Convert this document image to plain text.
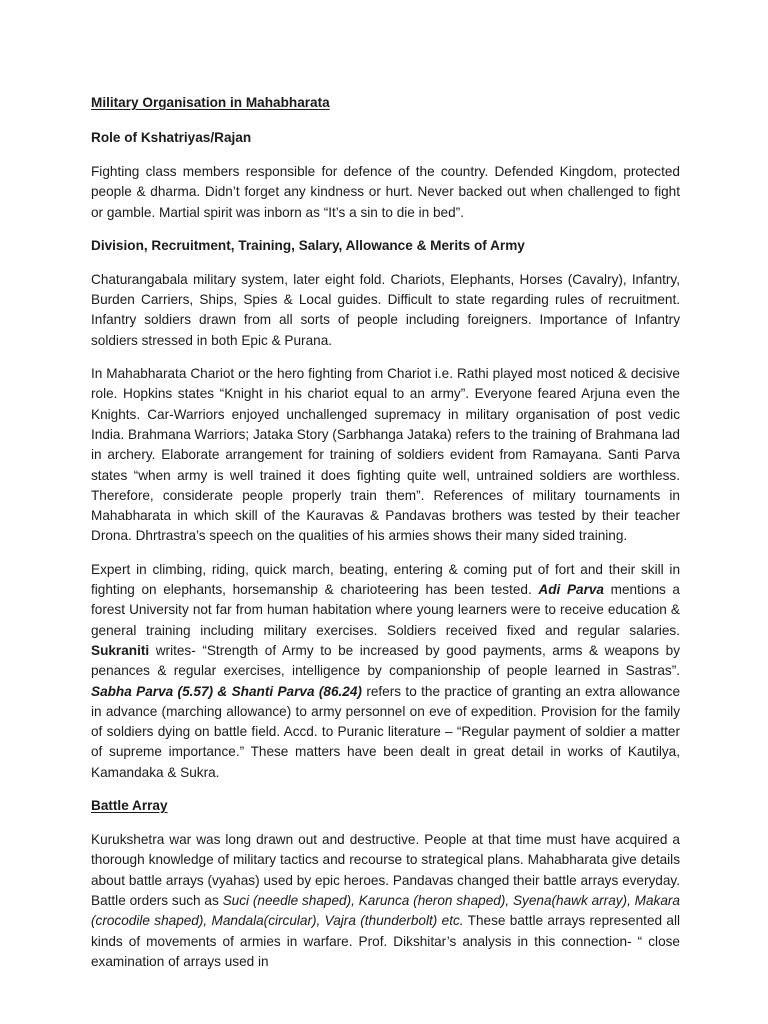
Military Organisation in Mahabharata
Role of Kshatriyas/Rajan

Fighting class members responsible for defence of the country. Defended Kingdom, protected people & dharma. Didn’t forget any kindness or hurt. Never backed out when challenged to fight or gamble. Martial spirit was inborn as “It’s a sin to die in bed”.

Division, Recruitment, Training, Salary, Allowance & Merits of Army

Chaturangabala military system, later eight fold. Chariots, Elephants, Horses (Cavalry), Infantry, Burden Carriers, Ships, Spies & Local guides. Difficult to state regarding rules of recruitment. Infantry soldiers drawn from all sorts of people including foreigners. Importance of Infantry soldiers stressed in both Epic & Purana.

In Mahabharata Chariot or the hero fighting from Chariot i.e. Rathi played most noticed & decisive role. Hopkins states “Knight in his chariot equal to an army”. Everyone feared Arjuna even the Knights. Car-Warriors enjoyed unchallenged supremacy in military organisation of post vedic India. Brahmana Warriors; Jataka Story (Sarbhanga Jataka) refers to the training of Brahmana lad in archery. Elaborate arrangement for training of soldiers evident from Ramayana. Santi Parva states “when army is well trained it does fighting quite well, untrained soldiers are worthless. Therefore, considerate people properly train them”. References of military tournaments in Mahabharata in which skill of the Kauravas & Pandavas brothers was tested by their teacher Drona. Dhrtrastra’s speech on the qualities of his armies shows their many sided training.

Expert in climbing, riding, quick march, beating, entering & coming put of fort and their skill in fighting on elephants, horsemanship & charioteering has been tested. Adi Parva mentions a forest University not far from human habitation where young learners were to receive education & general training including military exercises. Soldiers received fixed and regular salaries. Sukraniti writes- “Strength of Army to be increased by good payments, arms & weapons by penances & regular exercises, intelligence by companionship of people learned in Sastras”. Sabha Parva (5.57) & Shanti Parva (86.24) refers to the practice of granting an extra allowance in advance (marching allowance) to army personnel on eve of expedition. Provision for the family of soldiers dying on battle field. Accd. to Puranic literature – “Regular payment of soldier a matter of supreme importance.” These matters have been dealt in great detail in works of Kautilya, Kamandaka & Sukra.

Battle Array

Kurukshetra war was long drawn out and destructive. People at that time must have acquired a thorough knowledge of military tactics and recourse to strategical plans. Mahabharata give details about battle arrays (vyahas) used by epic heroes. Pandavas changed their battle arrays everyday. Battle orders such as Suci (needle shaped), Karunca (heron shaped), Syena(hawk array), Makara (crocodile shaped), Mandala(circular), Vajra (thunderbolt) etc. These battle arrays represented all kinds of movements of armies in warfare. Prof. Dikshitar’s analysis in this connection- “ close examination of arrays used in
